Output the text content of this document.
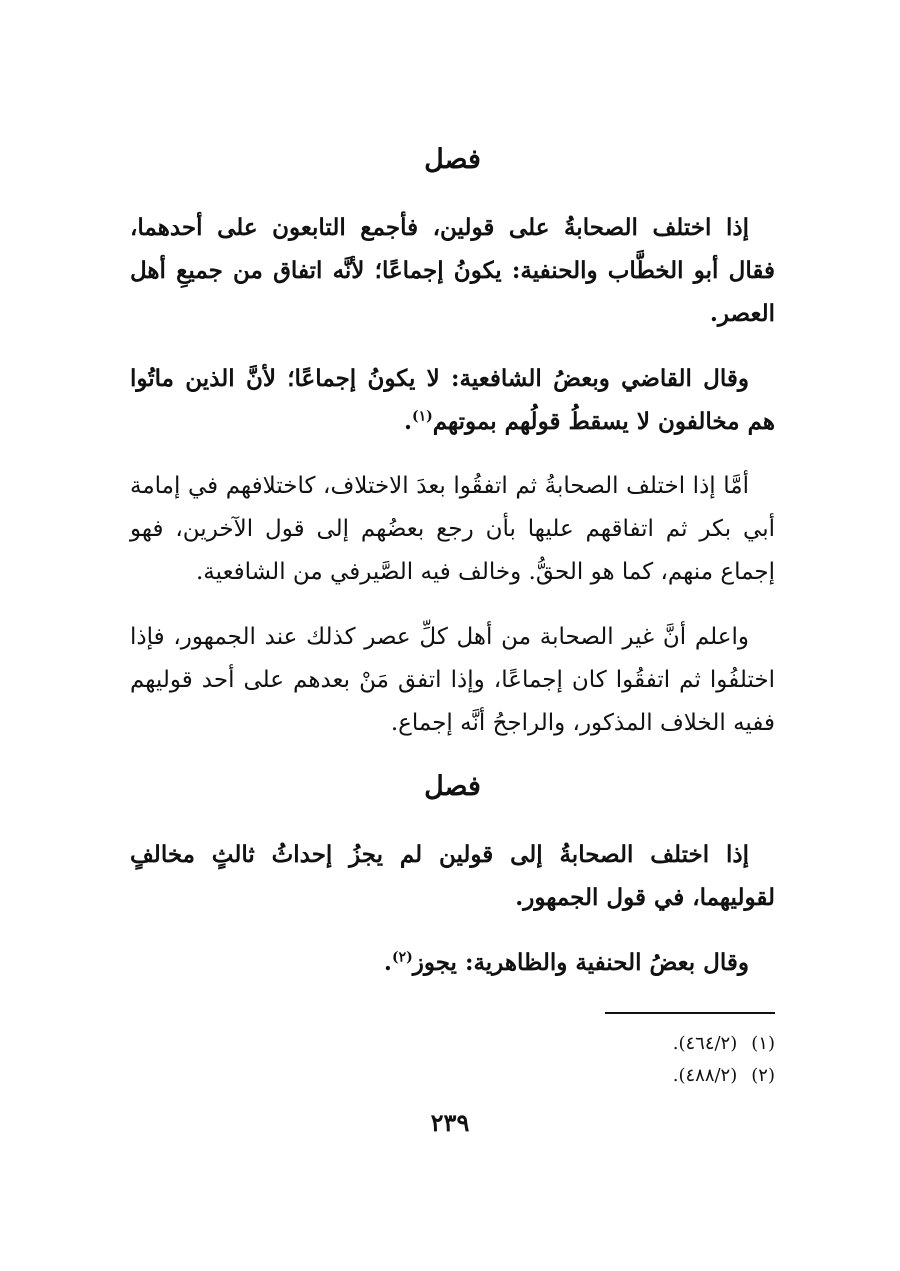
فصل

إذا اختلف الصحابةُ على قولين، فأجمع التابعون على أحدهما، فقال أبو الخطَّاب والحنفية: يكونُ إجماعًا؛ لأنَّه اتفاق من جميعِ أهل العصر.

وقال القاضي وبعضُ الشافعية: لا يكونُ إجماعًا؛ لأنَّ الذين ماتُوا هم مخالفون لا يسقطُ قولُهم بموتهم$^{(١)}$.

أمَّا إذا اختلف الصحابةُ ثم اتفقُوا بعدَ الاختلاف، كاختلافهم في إمامة أبي بكر ثم اتفاقهم عليها بأن رجع بعضُهم إلى قول الآخرين، فهو إجماع منهم، كما هو الحقُّ. وخالف فيه الصَّيرفي من الشافعية.

واعلم أنَّ غير الصحابة من أهل كلِّ عصر كذلك عند الجمهور، فإذا اختلفُوا ثم اتفقُوا كان إجماعًا، وإذا اتفق مَنْ بعدهم على أحد قوليهم ففيه الخلاف المذكور، والراجحُ أنَّه إجماع.

فصل

إذا اختلف الصحابةُ إلى قولين لم يجزُ إحداثُ ثالثٍ مخالفٍ لقوليهما، في قول الجمهور.

وقال بعضُ الحنفية والظاهرية: يجوز$^{(٢)}$.

(١)(٤٦٤/٢).
(٢)(٤٨٨/٢).
٢٣٩
